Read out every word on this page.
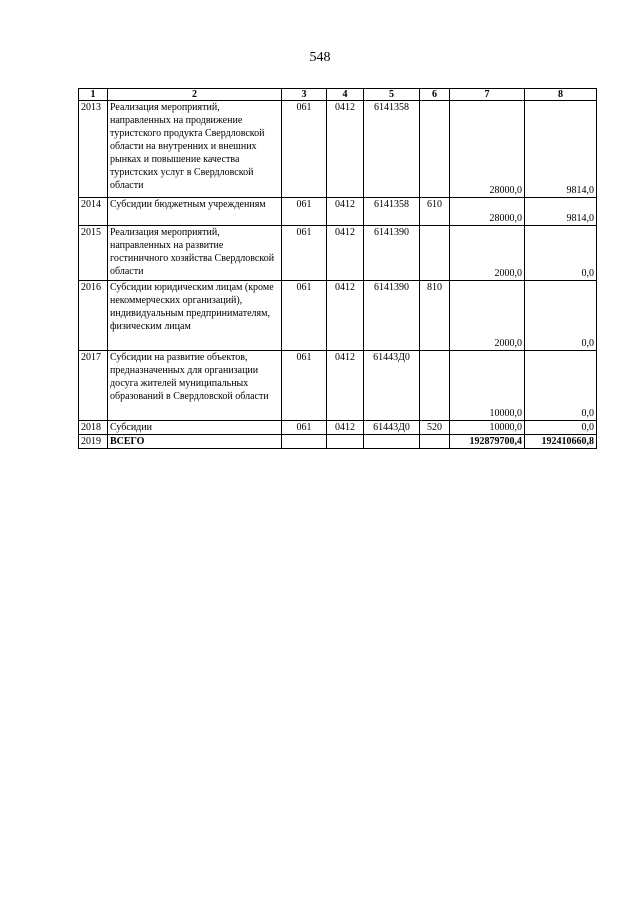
548
1	2	3	4	5	6	7	8
2013	Реализация мероприятий, направленных на продвижение туристского продукта Свердловской области на внутренних и внешних рынках и повышение качества туристских услуг в Свердловской области	061	0412	6141358		28000,0	9814,0
2014	Субсидии бюджетным учреждениям	061	0412	6141358	610	28000,0	9814,0
2015	Реализация мероприятий, направленных на развитие гостиничного хозяйства Свердловской области	061	0412	6141390		2000,0	0,0
2016	Субсидии юридическим лицам (кроме некоммерческих организаций), индивидуальным предпринимателям, физическим лицам	061	0412	6141390	810	2000,0	0,0
2017	Субсидии на развитие объектов, предназначенных для организации досуга жителей муниципальных образований в Свердловской области	061	0412	61443Д0		10000,0	0,0
2018	Субсидии	061	0412	61443Д0	520	10000,0	0,0
2019	ВСЕГО					192879700,4	192410660,8
